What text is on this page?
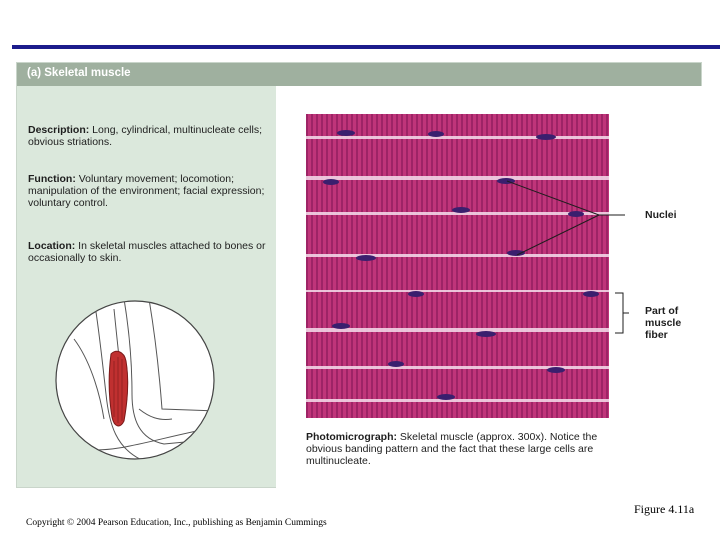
(a) Skeletal muscle
Description: Long, cylindrical, multinucleate cells; obvious striations.
Function: Voluntary movement; locomotion; manipulation of the environment; facial expression; voluntary control.
Location: In skeletal muscles attached to bones or occasionally to skin.
Nuclei
Part of muscle fiber
Photomicrograph: Skeletal muscle (approx. 300x). Notice the obvious banding pattern and the fact that these large cells are multinucleate.
Figure 4.11a
Copyright © 2004 Pearson Education, Inc., publishing as Benjamin Cummings
